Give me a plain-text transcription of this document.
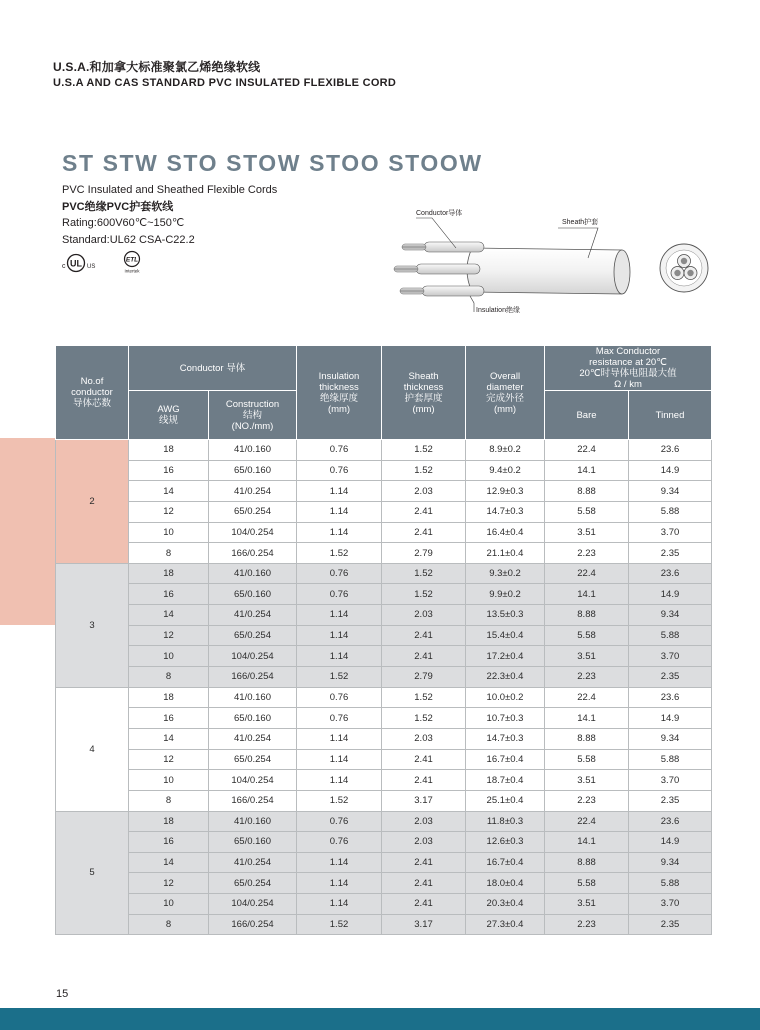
U.S.A.和加拿大标准聚氯乙烯绝缘软线
U.S.A AND CAS STANDARD PVC INSULATED FLEXIBLE CORD
ST STW STO STOW STOO STOOW
PVC Insulated and Sheathed Flexible Cords
PVC绝缘PVC护套软线
Rating:600V60℃~150℃
Standard:UL62 CSA-C22.2
c UL US
ETL
Intertek
Conductor导体
Sheath护套
Insulation绝缘
No.of
conductor
导体芯数	Conductor 导体		Insulation
thickness
绝缘厚度
(mm)	Sheath
thickness
护套厚度
(mm)	Overall
diameter
完成外径
(mm)	Max Conductor
resistance at 20℃
20℃时导体电阻最大值
Ω / km	
	AWG
线规	Construction
结构
(NO./mm)				Bare	Tinned
2	18	41/0.160	0.76	1.52	8.9±0.2	22.4	23.6
	16	65/0.160	0.76	1.52	9.4±0.2	14.1	14.9
	14	41/0.254	1.14	2.03	12.9±0.3	8.88	9.34
	12	65/0.254	1.14	2.41	14.7±0.3	5.58	5.88
	10	104/0.254	1.14	2.41	16.4±0.4	3.51	3.70
	8	166/0.254	1.52	2.79	21.1±0.4	2.23	2.35
3	18	41/0.160	0.76	1.52	9.3±0.2	22.4	23.6
	16	65/0.160	0.76	1.52	9.9±0.2	14.1	14.9
	14	41/0.254	1.14	2.03	13.5±0.3	8.88	9.34
	12	65/0.254	1.14	2.41	15.4±0.4	5.58	5.88
	10	104/0.254	1.14	2.41	17.2±0.4	3.51	3.70
	8	166/0.254	1.52	2.79	22.3±0.4	2.23	2.35
4	18	41/0.160	0.76	1.52	10.0±0.2	22.4	23.6
	16	65/0.160	0.76	1.52	10.7±0.3	14.1	14.9
	14	41/0.254	1.14	2.03	14.7±0.3	8.88	9.34
	12	65/0.254	1.14	2.41	16.7±0.4	5.58	5.88
	10	104/0.254	1.14	2.41	18.7±0.4	3.51	3.70
	8	166/0.254	1.52	3.17	25.1±0.4	2.23	2.35
5	18	41/0.160	0.76	2.03	11.8±0.3	22.4	23.6
	16	65/0.160	0.76	2.03	12.6±0.3	14.1	14.9
	14	41/0.254	1.14	2.41	16.7±0.4	8.88	9.34
	12	65/0.254	1.14	2.41	18.0±0.4	5.58	5.88
	10	104/0.254	1.14	2.41	20.3±0.4	3.51	3.70
	8	166/0.254	1.52	3.17	27.3±0.4	2.23	2.35
15
